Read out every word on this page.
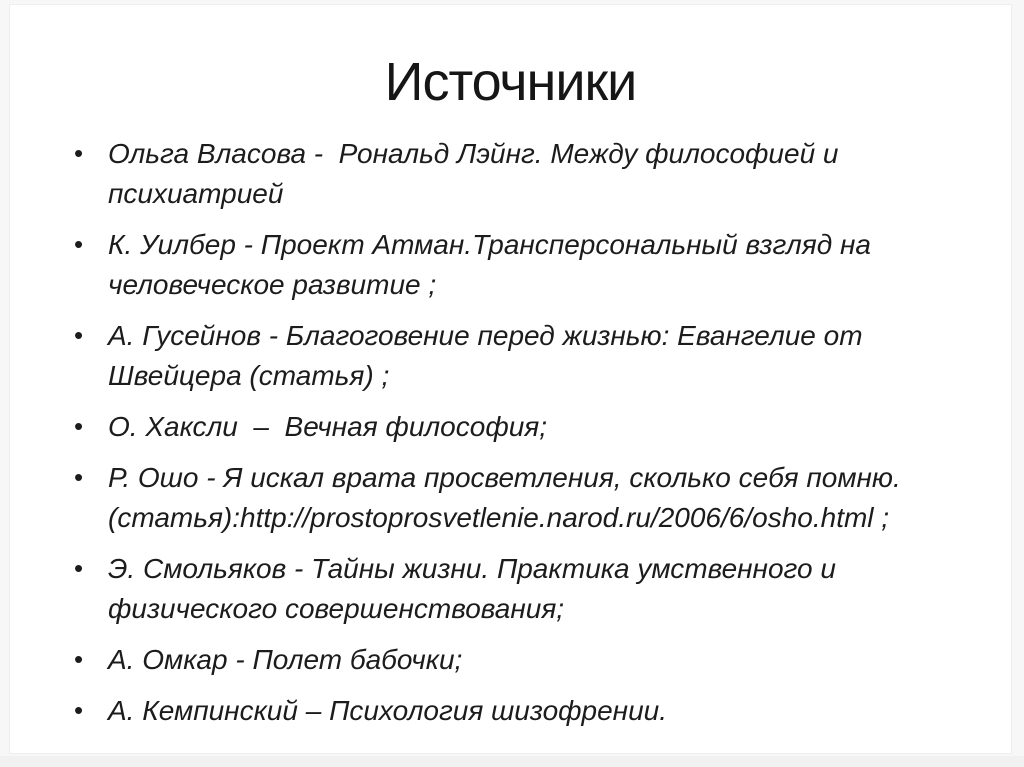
Источники
• Ольга Власова -  Рональд Лэйнг. Между философией и психиатрией
• К. Уилбер - Проект Атман.Трансперсональный взгляд на человеческое развитие ;
• А. Гусейнов - Благоговение перед жизнью: Евангелие от Швейцера (статья) ;
• О. Хаксли  –  Вечная философия;
• Р. Ошо - Я искал врата просветления, сколько себя помню. (статья):http://prostoprosvetlenie.narod.ru/2006/6/osho.html ;
• Э. Смольяков - Тайны жизни. Практика умственного и физического совершенствования;
• А. Омкар - Полет бабочки;
• А. Кемпинский – Психология шизофрении.
